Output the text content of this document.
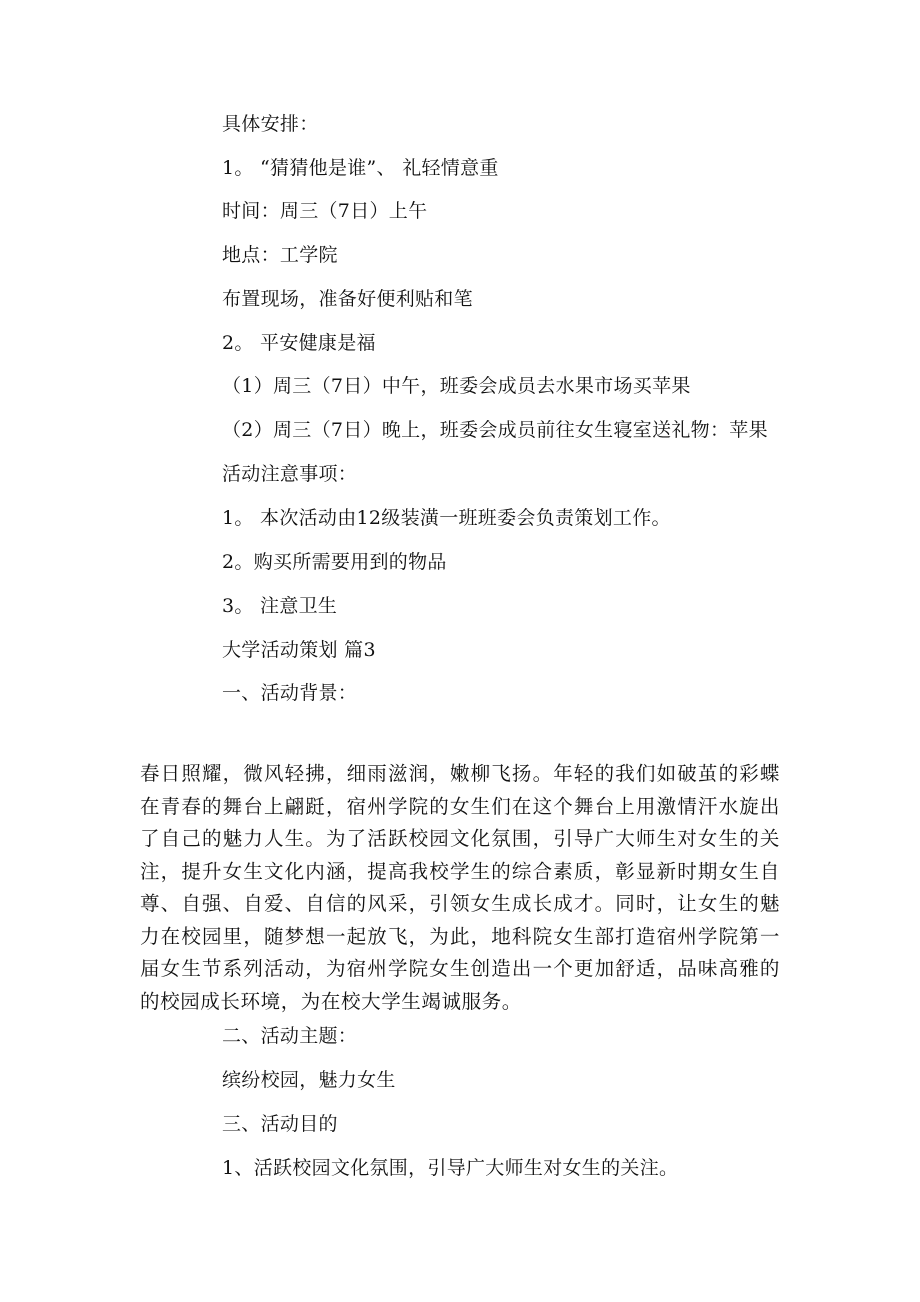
具体安排：
1。 “猜猜他是谁”、 礼轻情意重
时间：周三（7日）上午
地点：工学院
布置现场，准备好便利贴和笔
2。 平安健康是福
（1）周三（7日）中午，班委会成员去水果市场买苹果
（2）周三（7日）晚上，班委会成员前往女生寝室送礼物：苹果
活动注意事项：
1。 本次活动由12级装潢一班班委会负责策划工作。
2。购买所需要用到的物品
3。 注意卫生
大学活动策划 篇3
一、活动背景：
春日照耀，微风轻拂，细雨滋润，嫩柳飞扬。年轻的我们如破茧的彩蝶在青春的舞台上翩跹，宿州学院的女生们在这个舞台上用激情汗水旋出了自己的魅力人生。为了活跃校园文化氛围，引导广大师生对女生的关注，提升女生文化内涵，提高我校学生的综合素质，彰显新时期女生自尊、自强、自爱、自信的风采，引领女生成长成才。同时，让女生的魅力在校园里，随梦想一起放飞，为此，地科院女生部打造宿州学院第一届女生节系列活动，为宿州学院女生创造出一个更加舒适，品味高雅的的校园成长环境，为在校大学生竭诚服务。
二、活动主题：
缤纷校园，魅力女生
三、活动目的
1、活跃校园文化氛围，引导广大师生对女生的关注。
